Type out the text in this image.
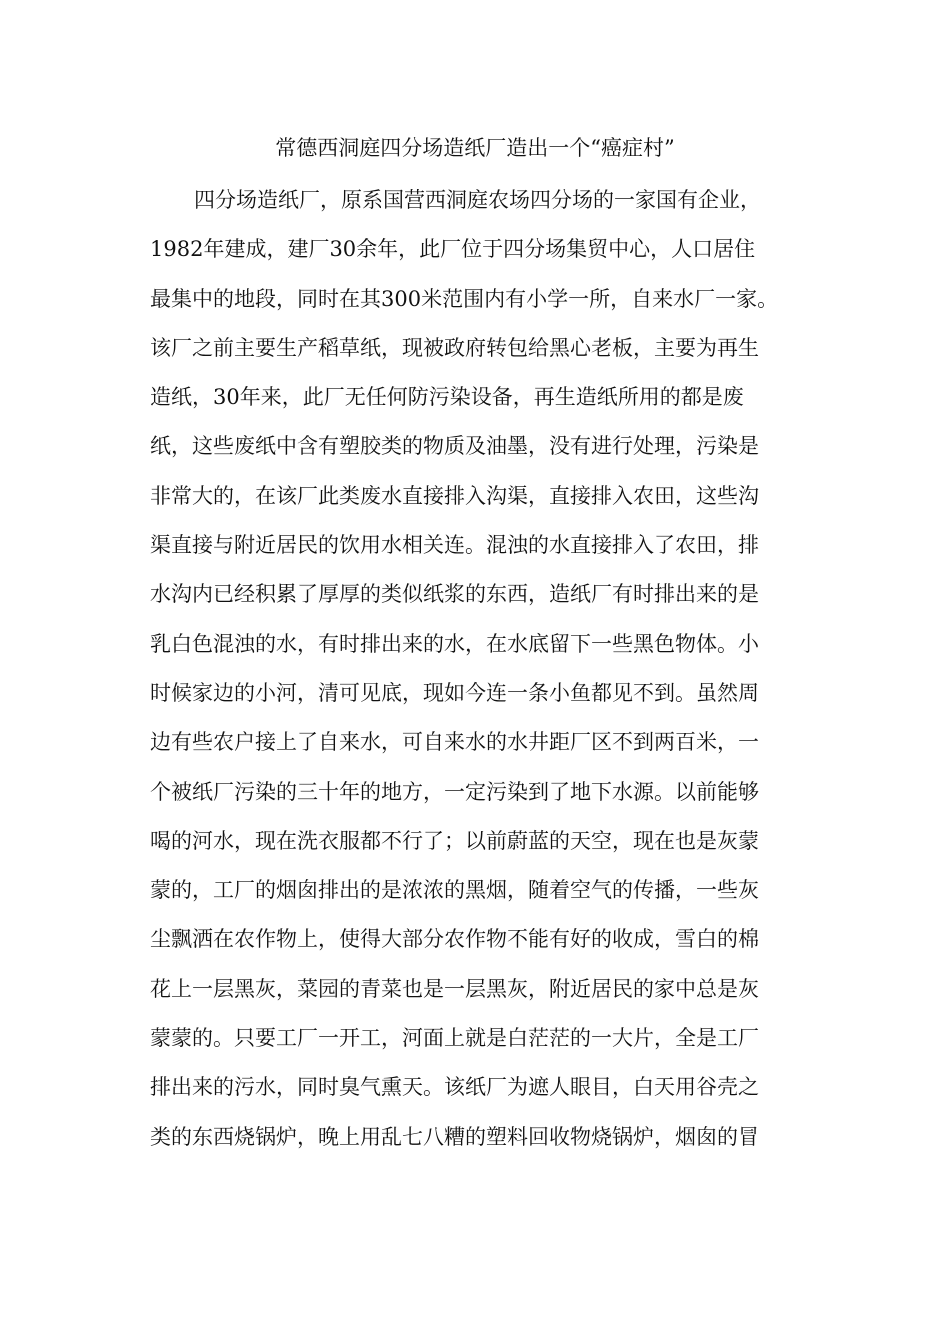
常德西洞庭四分场造纸厂造出一个“癌症村”
四分场造纸厂，原系国营西洞庭农场四分场的一家国有企业，
1982年建成，建厂30余年，此厂位于四分场集贸中心，人口居住
最集中的地段，同时在其300米范围内有小学一所，自来水厂一家。
该厂之前主要生产稻草纸，现被政府转包给黑心老板，主要为再生
造纸，30年来，此厂无任何防污染设备，再生造纸所用的都是废
纸，这些废纸中含有塑胶类的物质及油墨，没有进行处理，污染是
非常大的，在该厂此类废水直接排入沟渠，直接排入农田，这些沟
渠直接与附近居民的饮用水相关连。混浊的水直接排入了农田，排
水沟内已经积累了厚厚的类似纸浆的东西，造纸厂有时排出来的是
乳白色混浊的水，有时排出来的水，在水底留下一些黑色物体。小
时候家边的小河，清可见底，现如今连一条小鱼都见不到。虽然周
边有些农户接上了自来水，可自来水的水井距厂区不到两百米，一
个被纸厂污染的三十年的地方，一定污染到了地下水源。以前能够
喝的河水，现在洗衣服都不行了；以前蔚蓝的天空，现在也是灰蒙
蒙的，工厂的烟囱排出的是浓浓的黑烟，随着空气的传播，一些灰
尘飘洒在农作物上，使得大部分农作物不能有好的收成，雪白的棉
花上一层黑灰，菜园的青菜也是一层黑灰，附近居民的家中总是灰
蒙蒙的。只要工厂一开工，河面上就是白茫茫的一大片，全是工厂
排出来的污水，同时臭气熏天。该纸厂为遮人眼目，白天用谷壳之
类的东西烧锅炉，晚上用乱七八糟的塑料回收物烧锅炉，烟囱的冒
